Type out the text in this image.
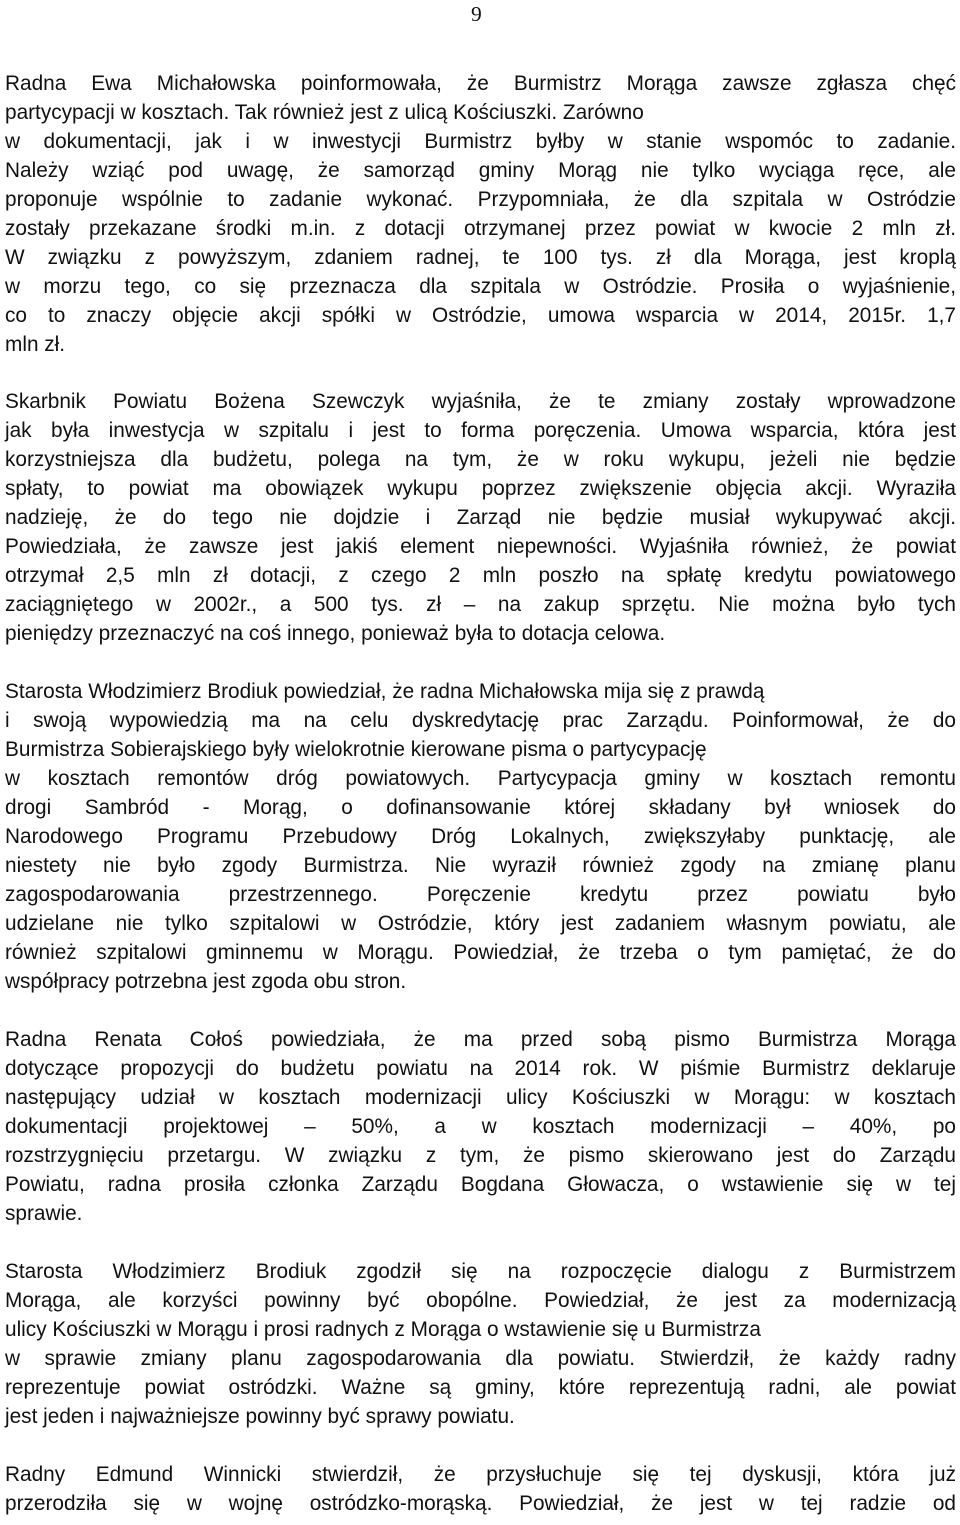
9
Radna Ewa Michałowska poinformowała, że Burmistrz Morąga zawsze zgłasza chęć
partycypacji w kosztach. Tak również jest z ulicą Kościuszki. Zarówno
w dokumentacji, jak i w inwestycji Burmistrz byłby w stanie wspomóc to zadanie.
Należy wziąć pod uwagę, że samorząd gminy Morąg nie tylko wyciąga ręce, ale
proponuje wspólnie to zadanie wykonać. Przypomniała, że dla szpitala w Ostródzie
zostały przekazane środki m.in. z dotacji otrzymanej przez powiat w kwocie 2 mln zł.
W związku z powyższym, zdaniem radnej, te 100 tys. zł dla Morąga, jest kroplą
w morzu tego, co się przeznacza dla szpitala w Ostródzie. Prosiła o wyjaśnienie,
co to znaczy objęcie akcji spółki w Ostródzie, umowa wsparcia w 2014, 2015r. 1,7
mln zł.
Skarbnik Powiatu Bożena Szewczyk wyjaśniła, że te zmiany zostały wprowadzone
jak była inwestycja w szpitalu i jest to forma poręczenia. Umowa wsparcia, która jest
korzystniejsza dla budżetu, polega na tym, że w roku wykupu, jeżeli nie będzie
spłaty, to powiat ma obowiązek wykupu poprzez zwiększenie objęcia akcji. Wyraziła
nadzieję, że do tego nie dojdzie i Zarząd nie będzie musiał wykupywać akcji.
Powiedziała, że zawsze jest jakiś element niepewności. Wyjaśniła również, że powiat
otrzymał 2,5 mln zł dotacji, z czego 2 mln poszło na spłatę kredytu powiatowego
zaciągniętego w 2002r., a 500 tys. zł – na zakup sprzętu. Nie można było tych
pieniędzy przeznaczyć na coś innego, ponieważ była to dotacja celowa.
Starosta Włodzimierz Brodiuk powiedział, że radna Michałowska mija się z prawdą
i swoją wypowiedzią ma na celu dyskredytację prac Zarządu. Poinformował, że do
Burmistrza Sobierajskiego były wielokrotnie kierowane pisma o partycypację
w kosztach remontów dróg powiatowych. Partycypacja gminy w kosztach remontu
drogi Sambród - Morąg, o dofinansowanie której składany był wniosek do
Narodowego Programu Przebudowy Dróg Lokalnych, zwiększyłaby punktację, ale
niestety nie było zgody Burmistrza. Nie wyraził również zgody na zmianę planu
zagospodarowania przestrzennego. Poręczenie kredytu przez powiatu było
udzielane nie tylko szpitalowi w Ostródzie, który jest zadaniem własnym powiatu, ale
również szpitalowi gminnemu w Morągu. Powiedział, że trzeba o tym pamiętać, że do
współpracy potrzebna jest zgoda obu stron.
Radna Renata Cołoś powiedziała, że ma przed sobą pismo Burmistrza Morąga
dotyczące propozycji do budżetu powiatu na 2014 rok. W piśmie Burmistrz deklaruje
następujący udział w kosztach modernizacji ulicy Kościuszki w Morągu: w kosztach
dokumentacji projektowej – 50%, a w kosztach modernizacji – 40%, po
rozstrzygnięciu przetargu. W związku z tym, że pismo skierowano jest do Zarządu
Powiatu, radna prosiła członka Zarządu Bogdana Głowacza, o wstawienie się w tej
sprawie.
Starosta Włodzimierz Brodiuk zgodził się na rozpoczęcie dialogu z Burmistrzem
Morąga, ale korzyści powinny być obopólne. Powiedział, że jest za modernizacją
ulicy Kościuszki w Morągu i prosi radnych z Morąga o wstawienie się u Burmistrza
w sprawie zmiany planu zagospodarowania dla powiatu. Stwierdził, że każdy radny
reprezentuje powiat ostródzki. Ważne są gminy, które reprezentują radni, ale powiat
jest jeden i najważniejsze powinny być sprawy powiatu.
Radny Edmund Winnicki stwierdził, że przysłuchuje się tej dyskusji, która już
przerodziła się w wojnę ostródzko-morąską. Powiedział, że jest w tej radzie od
